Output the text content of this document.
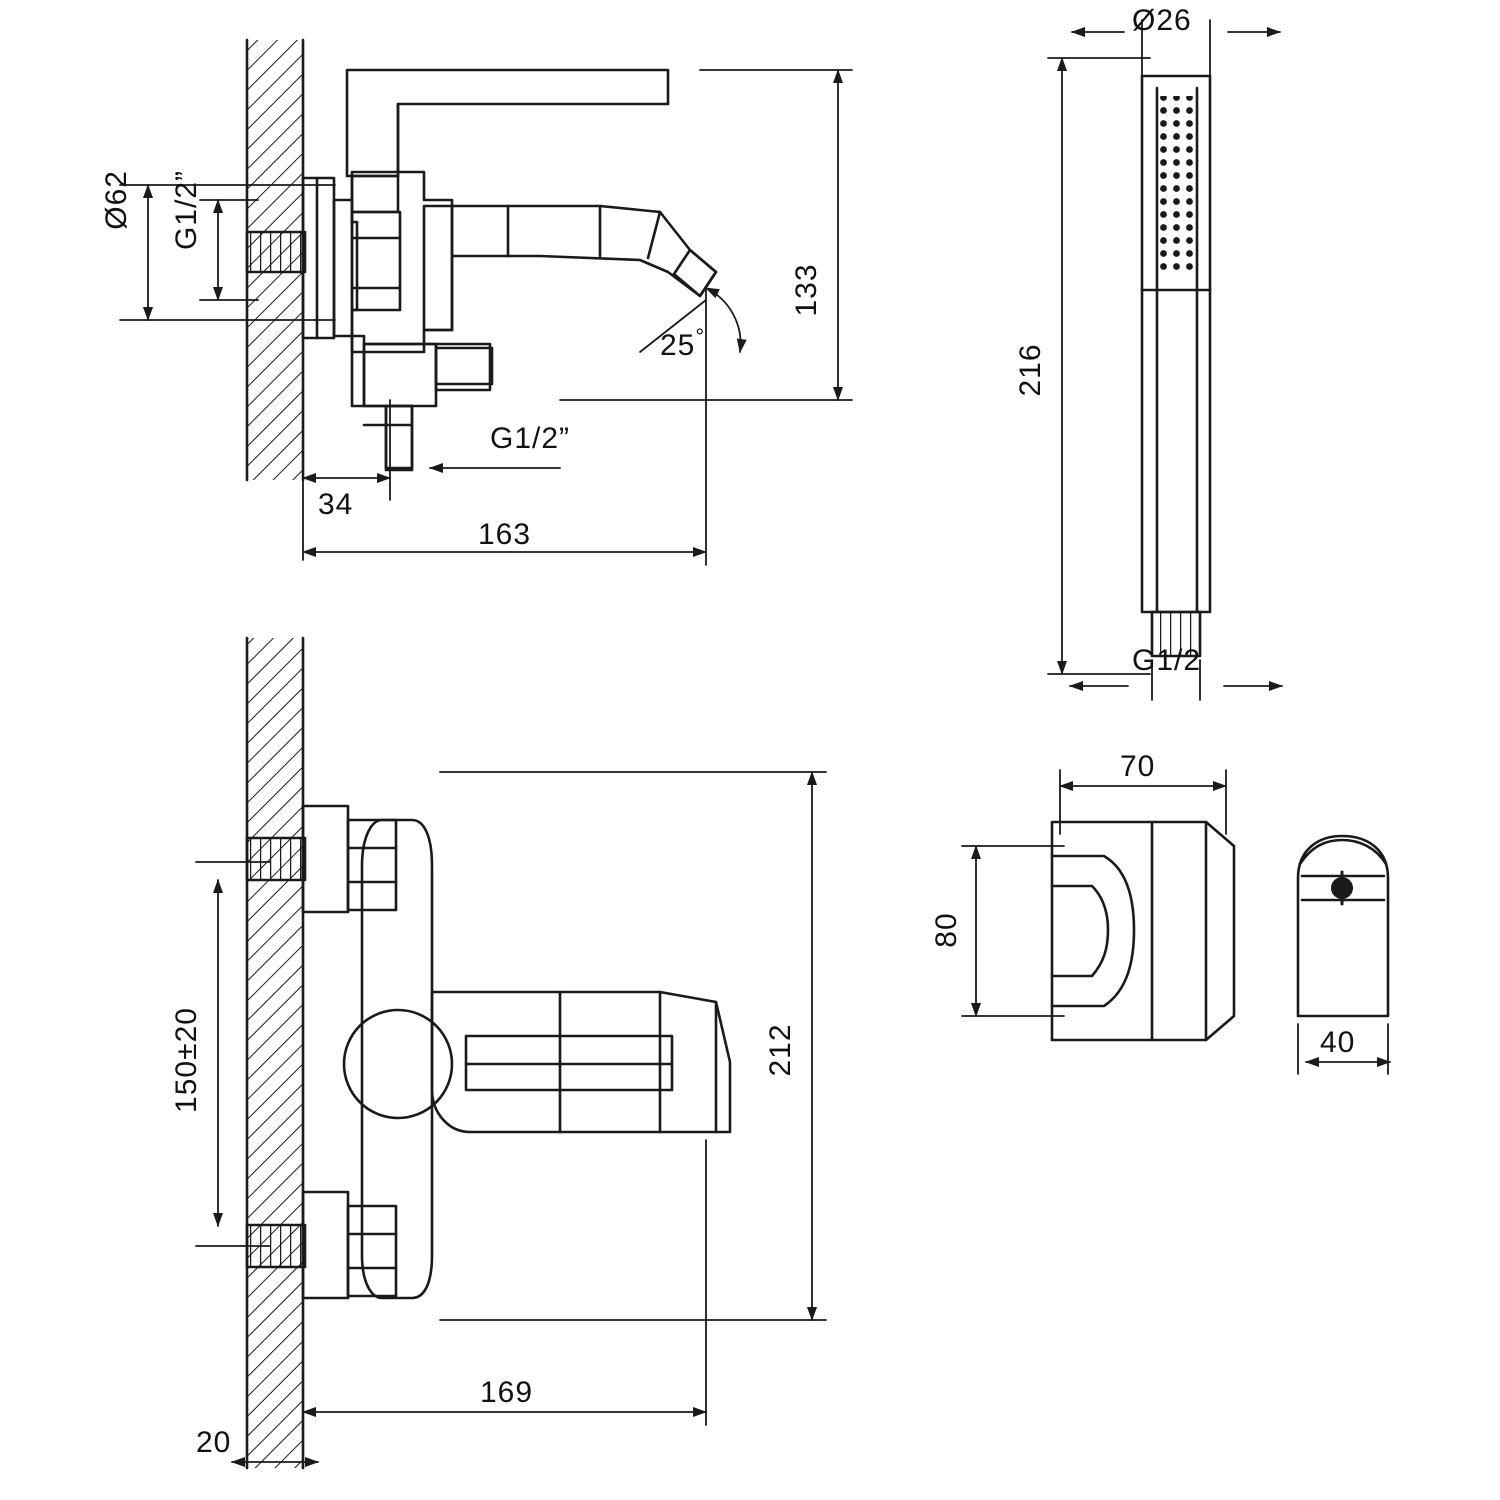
Ø62 G1/2”
133
25°
G1/2”
34
163
150±20	212
169
20
Ø26
216
G1/2
70
80
40
